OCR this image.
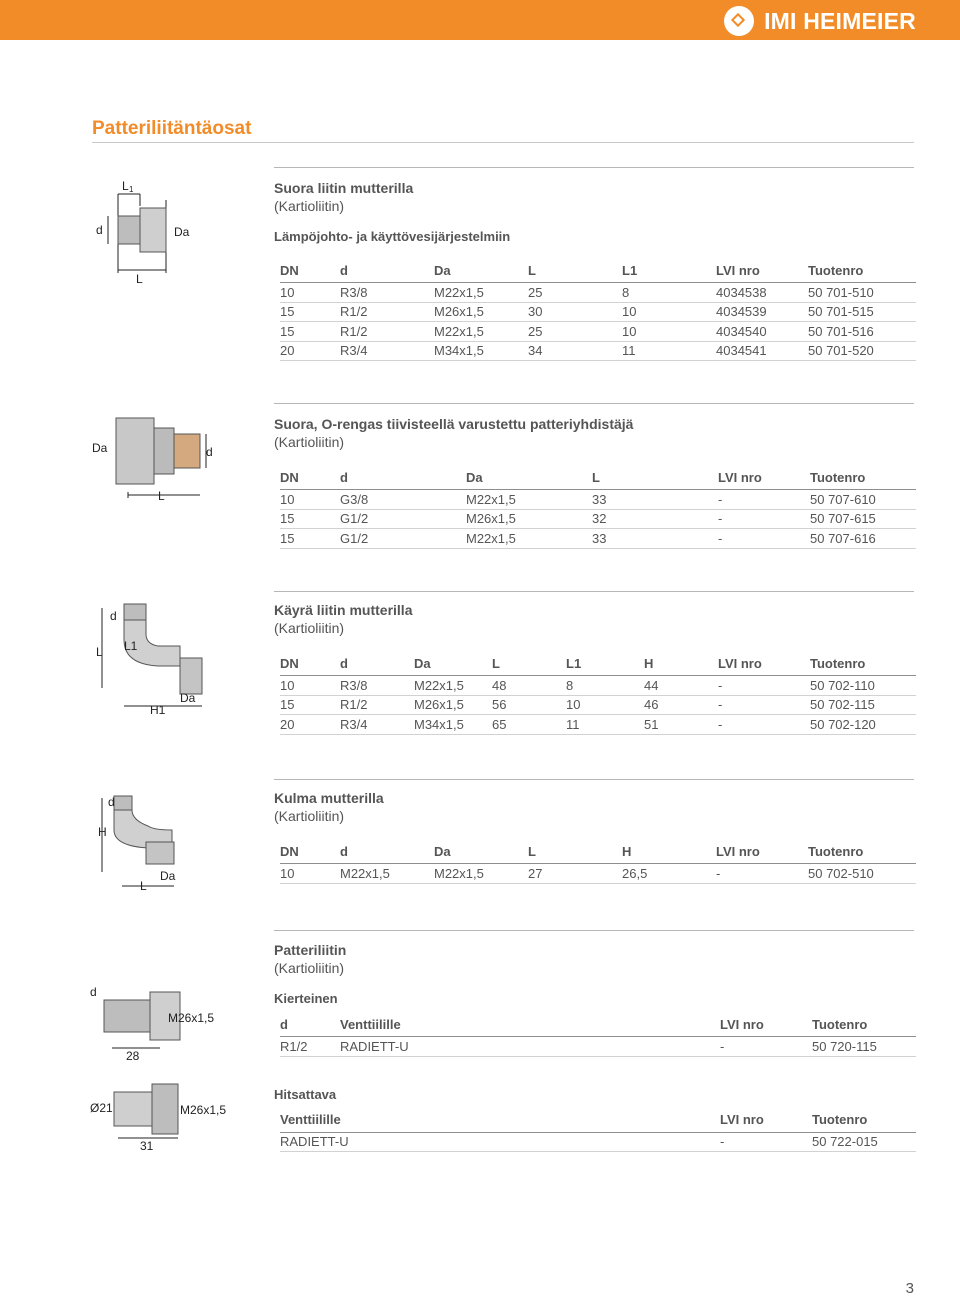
IMI HEIMEIER
Patteriliitäntäosat
L 1
d	Da
L
Suora liitin mutterilla
(Kartioliitin)
Lämpöjohto- ja käyttövesijärjestelmiin
DN	d	Da	L	L1	LVI nro	Tuotenro
10	R3/8	M22x1,5	25	8	4034538	50 701-510
15	R1/2	M26x1,5	30	10	4034539	50 701-515
15	R1/2	M22x1,5	25	10	4034540	50 701-516
20	R3/4	M34x1,5	34	11	4034541	50 701-520
Da	d
L
Suora, O-rengas tiivisteellä varustettu patteriyhdistäjä
(Kartioliitin)
DN	d	Da	L	LVI nro	Tuotenro
10	G3/8	M22x1,5	33	-	50 707-610
15	G1/2	M26x1,5	32	-	50 707-615
15	G1/2	M22x1,5	33	-	50 707-616
d
L L1
Da
H1
Käyrä liitin mutterilla
(Kartioliitin)
DN	d	Da	L	L1	H	LVI nro	Tuotenro
10	R3/8	M22x1,5	48	8	44	-	50 702-110
15	R1/2	M26x1,5	56	10	46	-	50 702-115
20	R3/4	M34x1,5	65	11	51	-	50 702-120
d
H
Da
L
Kulma mutterilla
(Kartioliitin)
DN	d	Da	L	H	LVI nro	Tuotenro
10	M22x1,5	M22x1,5	27	26,5	-	50 702-510
d
M26x1,5
28
Ø21	M26x1,5
31
Patteriliitin
(Kartioliitin)
Kierteinen
d	Venttiilille	LVI nro	Tuotenro
R1/2	RADIETT-U	-	50 720-115
Hitsattava
Venttiilille	LVI nro	Tuotenro
RADIETT-U	-	50 722-015
3
